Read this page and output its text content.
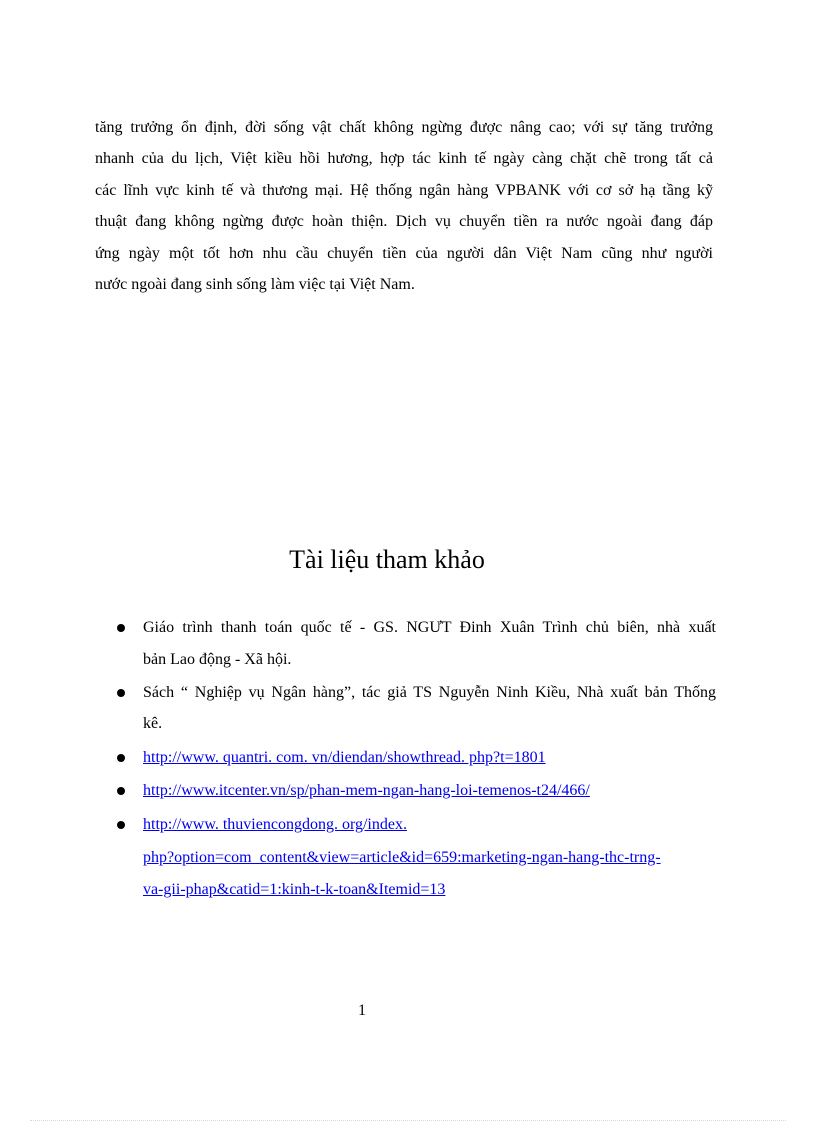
tăng trưởng ổn định, đời sống vật chất không ngừng được nâng cao; với sự tăng trưởng
nhanh của du lịch, Việt kiều hồi hương, hợp tác kinh tế ngày càng chặt chẽ trong tất cả
các lĩnh vực kinh tế và thương mại. Hệ thống ngân hàng VPBANK với cơ sở hạ tầng kỹ
thuật đang không ngừng được hoàn thiện. Dịch vụ chuyển tiền ra nước ngoài đang đáp
ứng ngày một tốt hơn nhu cầu chuyển tiền của người dân Việt Nam cũng như người
nước ngoài đang sinh sống làm việc tại Việt Nam.
Tài liệu tham khảo
Giáo trình thanh toán quốc tế - GS. NGƯT Đinh Xuân Trình chủ biên, nhà xuất
bản Lao động - Xã hội.
Sách “ Nghiệp vụ Ngân hàng”, tác giả TS Nguyễn Ninh Kiều, Nhà xuất bản Thống
kê.
http://www. quantri. com. vn/diendan/showthread. php?t=1801
http://www.itcenter.vn/sp/phan-mem-ngan-hang-loi-temenos-t24/466/
http://www. thuviencongdong. org/index.
php?option=com_content&view=article&id=659:marketing-ngan-hang-thc-trng-
va-gii-phap&catid=1:kinh-t-k-toan&Itemid=13
1
